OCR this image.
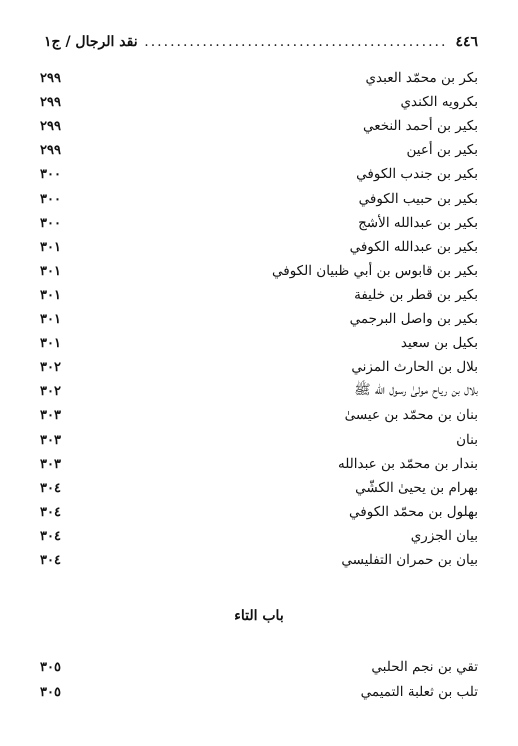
٤٤٦
.....
نقد الرجال / ج١
٢٩٩	بكر بن محمّد العبدي
٢٩٩	بكرويه الكندي
٢٩٩	بكير بن أحمد النخعي
٢٩٩	بكير بن أعين
٣٠٠	بكير بن جندب الكوفي
٣٠٠	بكير بن حبيب الكوفي
٣٠٠	بكير بن عبدالله الأشج
٣٠١	بكير بن عبدالله الكوفي
٣٠١	بكير بن قابوس بن أبي ظبيان الكوفي
٣٠١	بكير بن قطر بن خليفة
٣٠١	بكير بن واصل البرجمي
٣٠١	بكيل بن سعيد
٣٠٢	بلال بن الحارث المزني
٣٠٢	بلال بن رياح مولىٰ رسول الله ﷺ
٣٠٣	بنان بن محمّد بن عيسىٰ
٣٠٣	بنان
٣٠٣	بندار بن محمّد بن عبدالله
٣٠٤	بهرام بن يحيىٰ الكشّي
٣٠٤	بهلول بن محمّد الكوفي
٣٠٤	بيان الجزري
٣٠٤	بيان بن حمران التفليسي
٣٠٥	تقي بن نجم الحلبي
٣٠٥	تلب بن ثعلبة التميمي
باب التاء
